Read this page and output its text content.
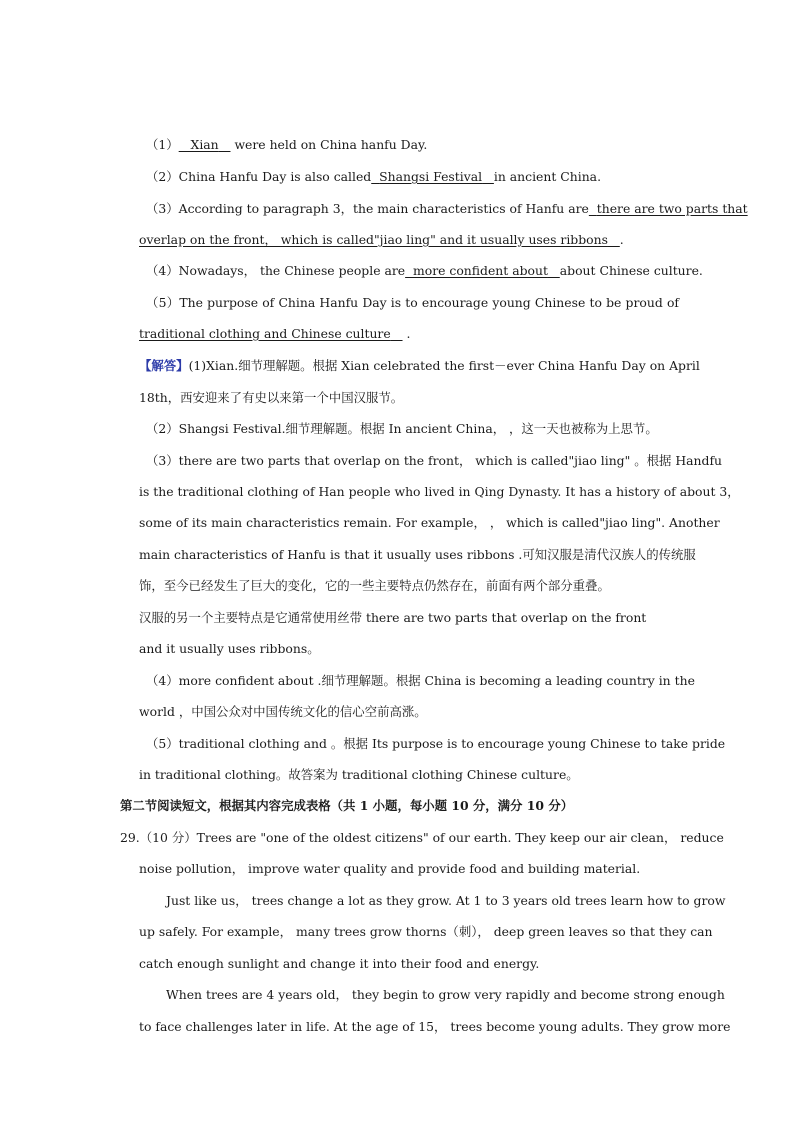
（1） Xian were held on China hanfu Day.
（2）China Hanfu Day is also called Shangsi Festival in ancient China.
（3）According to paragraph 3，the main characteristics of Hanfu are there are two parts that
overlap on the front， which is called"jiao ling" and it usually uses ribbons .
（4）Nowadays， the Chinese people are more confident about about Chinese culture.
（5）The purpose of China Hanfu Day is to encourage young Chinese to be proud of
traditional clothing and Chinese culture .
【解答】(1)Xian.细节理解题。根据 Xian celebrated the first－ever China Hanfu Day on April
18th，西安迎来了有史以来第一个中国汉服节。
（2）Shangsi Festival.细节理解题。根据 In ancient China， ，这一天也被称为上思节。
（3）there are two parts that overlap on the front， which is called"jiao ling" 。根据 Handfu
is the traditional clothing of Han people who lived in Qing Dynasty. It has a history of about 3，
some of its main characteristics remain. For example， ， which is called"jiao ling". Another
main characteristics of Hanfu is that it usually uses ribbons .可知汉服是清代汉族人的传统服
饰，至今已经发生了巨大的变化，它的一些主要特点仍然存在，前面有两个部分重叠。
汉服的另一个主要特点是它通常使用丝带 there are two parts that overlap on the front
and it usually uses ribbons。
（4）more confident about .细节理解题。根据 China is becoming a leading country in the
world ，中国公众对中国传统文化的信心空前高涨。
（5）traditional clothing and 。根据 Its purpose is to encourage young Chinese to take pride
in traditional clothing。故答案为 traditional clothing Chinese culture。
第二节阅读短文，根据其内容完成表格（共 1 小题，每小题 10 分，满分 10 分）
29.（10 分）Trees are "one of the oldest citizens" of our earth. They keep our air clean， reduce
noise pollution， improve water quality and provide food and building material.
Just like us， trees change a lot as they grow. At 1 to 3 years old trees learn how to grow
up safely. For example， many trees grow thorns（刺）， deep green leaves so that they can
catch enough sunlight and change it into their food and energy.
When trees are 4 years old， they begin to grow very rapidly and become strong enough
to face challenges later in life. At the age of 15， trees become young adults. They grow more
